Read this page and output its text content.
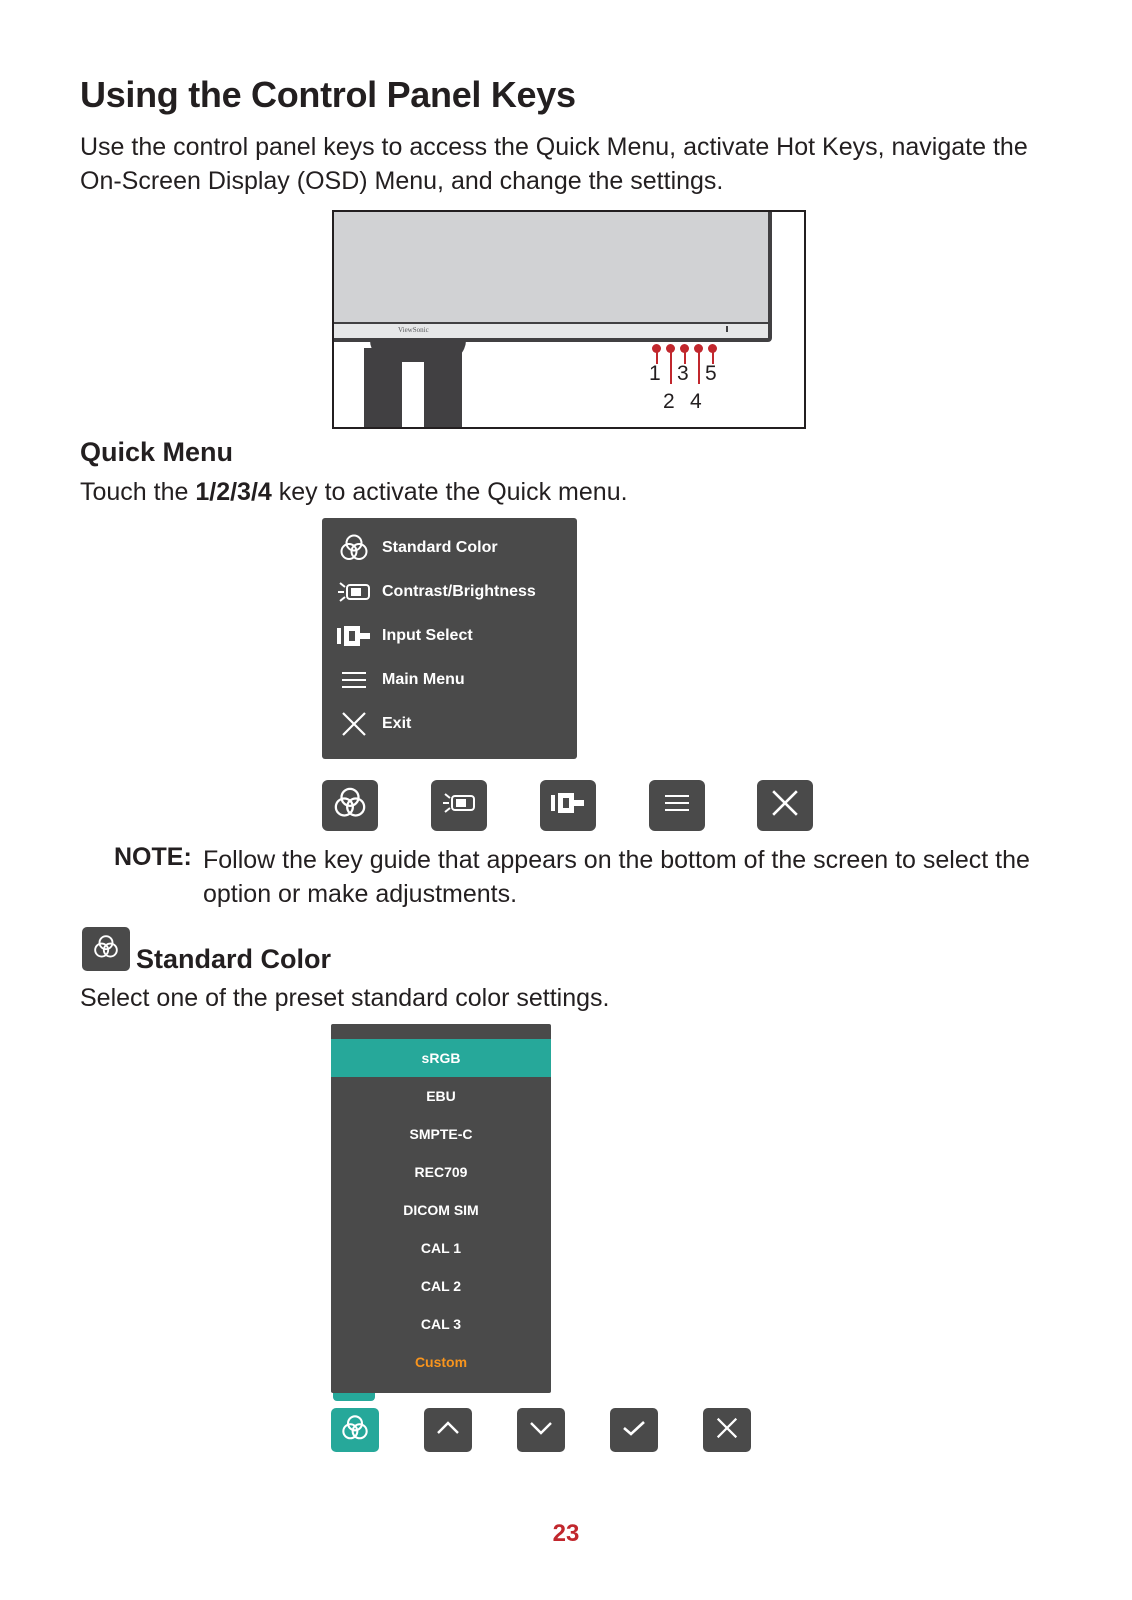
Using the Control Panel Keys
Use the control panel keys to access the Quick Menu, activate Hot Keys, navigate the On-Screen Display (OSD) Menu, and change the settings.
ViewSonic
1
2
3
4
5
Quick Menu
Touch the 1/2/3/4 key to activate the Quick menu.
Standard Color
Contrast/Brightness
Input Select
Main Menu
Exit
NOTE: Follow the key guide that appears on the bottom of the screen to select the option or make adjustments.
Standard Color
Select one of the preset standard color settings.
sRGB
EBU
SMPTE-C
REC709
DICOM SIM
CAL 1
CAL 2
CAL 3
Custom
23
